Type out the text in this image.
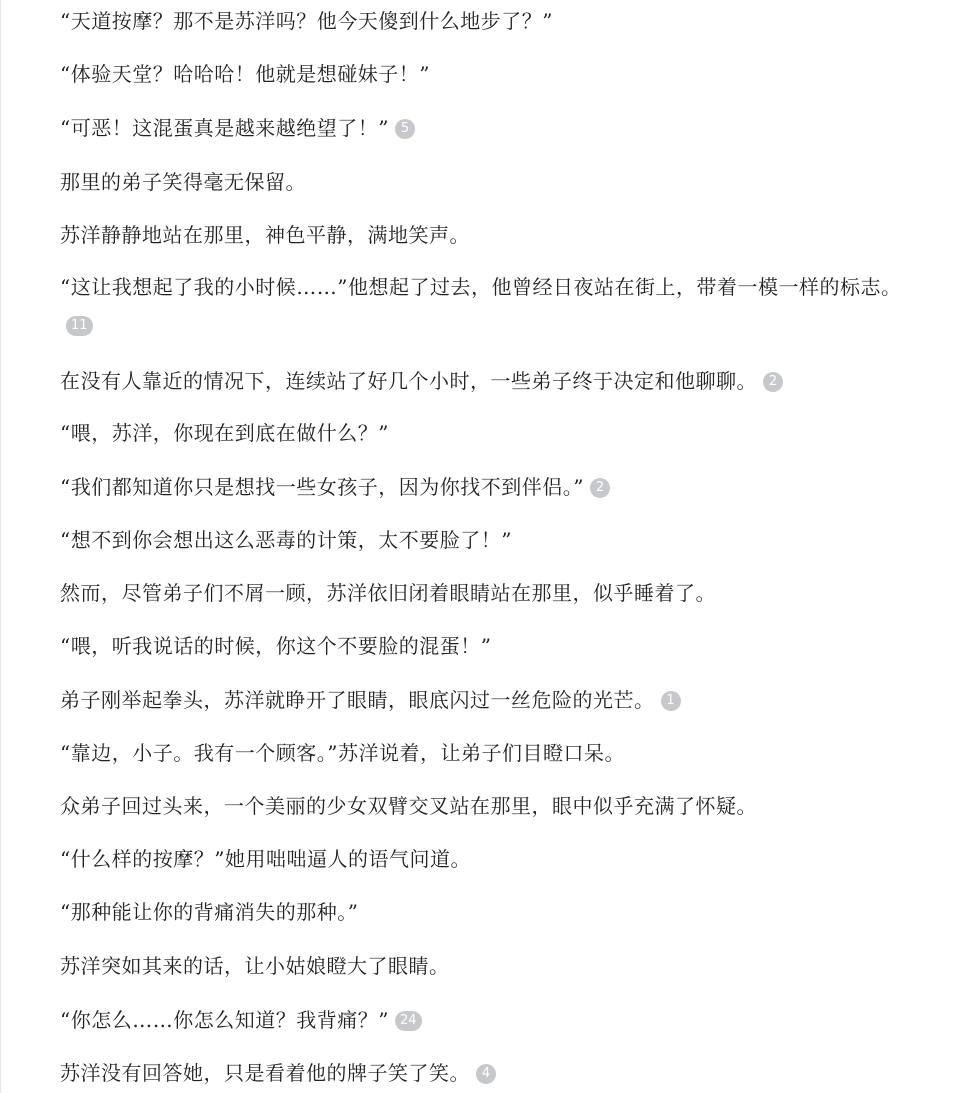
“天道按摩？那不是苏洋吗？他今天傻到什么地步了？”

“体验天堂？哈哈哈！他就是想碰妹子！”

“可恶！这混蛋真是越来越绝望了！” 5

那里的弟子笑得毫无保留。

苏洋静静地站在那里，神色平静，满地笑声。

“这让我想起了我的小时候……”他想起了过去，他曾经日夜站在街上，带着一模一样的标志。11

在没有人靠近的情况下，连续站了好几个小时，一些弟子终于决定和他聊聊。 2

“喂，苏洋，你现在到底在做什么？”

“我们都知道你只是想找一些女孩子，因为你找不到伴侣。” 2

“想不到你会想出这么恶毒的计策，太不要脸了！”

然而，尽管弟子们不屑一顾，苏洋依旧闭着眼睛站在那里，似乎睡着了。

“喂，听我说话的时候，你这个不要脸的混蛋！”

弟子刚举起拳头，苏洋就睁开了眼睛，眼底闪过一丝危险的光芒。 1

“靠边，小子。我有一个顾客。”苏洋说着，让弟子们目瞪口呆。

众弟子回过头来，一个美丽的少女双臂交叉站在那里，眼中似乎充满了怀疑。

“什么样的按摩？”她用咄咄逼人的语气问道。

“那种能让你的背痛消失的那种。”

苏洋突如其来的话，让小姑娘瞪大了眼睛。

“你怎么……你怎么知道？我背痛？” 24

苏洋没有回答她，只是看着他的牌子笑了笑。 4
